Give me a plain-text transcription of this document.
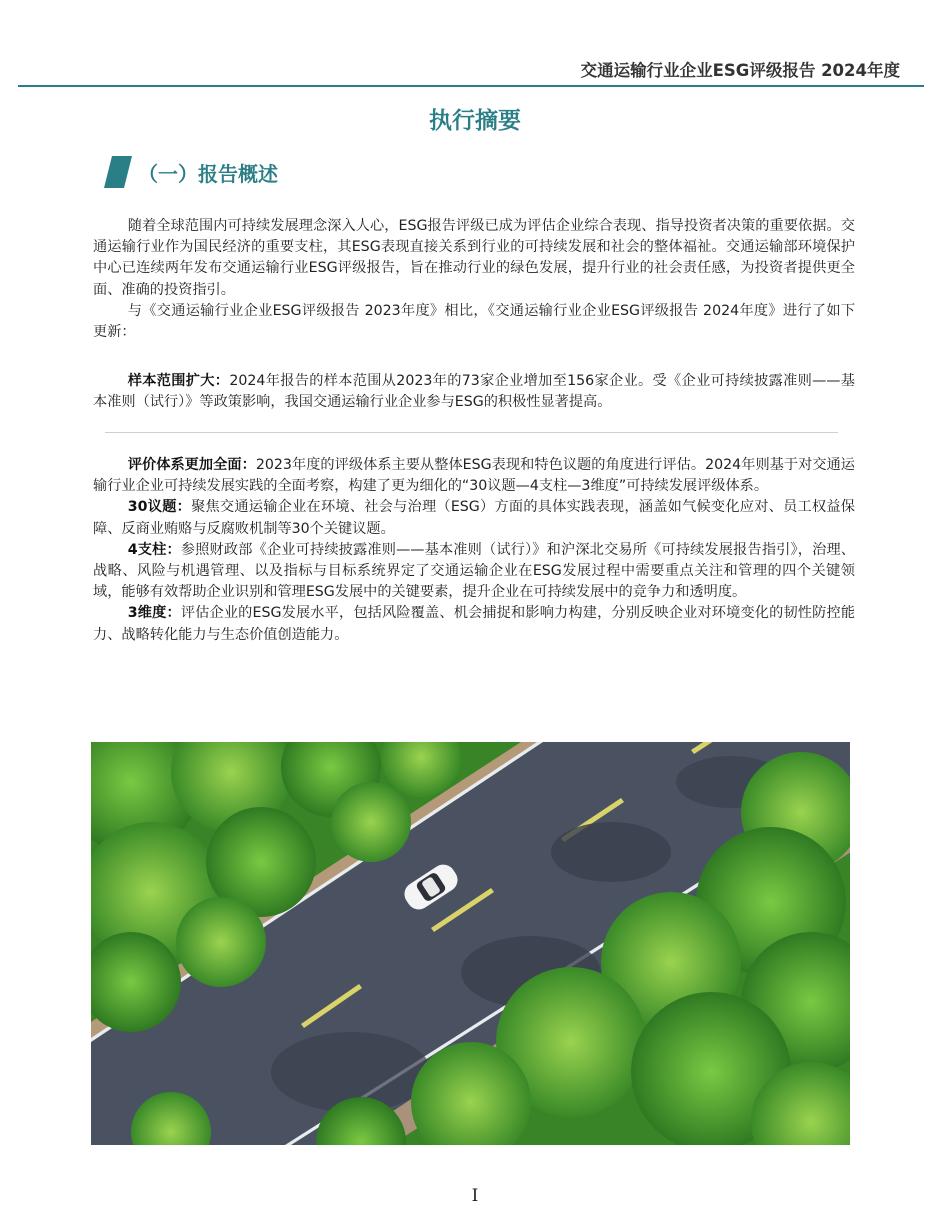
交通运输行业企业ESG评级报告 2024年度
执行摘要
（一）报告概述

随着全球范围内可持续发展理念深入人心，ESG报告评级已成为评估企业综合表现、指导投资者决策的重要依据。交通运输行业作为国民经济的重要支柱，其ESG表现直接关系到行业的可持续发展和社会的整体福祉。交通运输部环境保护中心已连续两年发布交通运输行业ESG评级报告，旨在推动行业的绿色发展，提升行业的社会责任感，为投资者提供更全面、准确的投资指引。

与《交通运输行业企业ESG评级报告 2023年度》相比，《交通运输行业企业ESG评级报告 2024年度》进行了如下更新：

样本范围扩大：2024年报告的样本范围从2023年的73家企业增加至156家企业。受《企业可持续披露准则——基本准则（试行）》等政策影响，我国交通运输行业企业参与ESG的积极性显著提高。

评价体系更加全面：2023年度的评级体系主要从整体ESG表现和特色议题的角度进行评估。2024年则基于对交通运输行业企业可持续发展实践的全面考察，构建了更为细化的“30议题—4支柱—3维度”可持续发展评级体系。

30议题：聚焦交通运输企业在环境、社会与治理（ESG）方面的具体实践表现，涵盖如气候变化应对、员工权益保障、反商业贿赂与反腐败机制等30个关键议题。

4支柱：参照财政部《企业可持续披露准则——基本准则（试行）》和沪深北交易所《可持续发展报告指引》，治理、战略、风险与机遇管理、以及指标与目标系统界定了交通运输企业在ESG发展过程中需要重点关注和管理的四个关键领域，能够有效帮助企业识别和管理ESG发展中的关键要素，提升企业在可持续发展中的竞争力和透明度。

3维度：评估企业的ESG发展水平，包括风险覆盖、机会捕捉和影响力构建，分别反映企业对环境变化的韧性防控能力、战略转化能力与生态价值创造能力。

I
